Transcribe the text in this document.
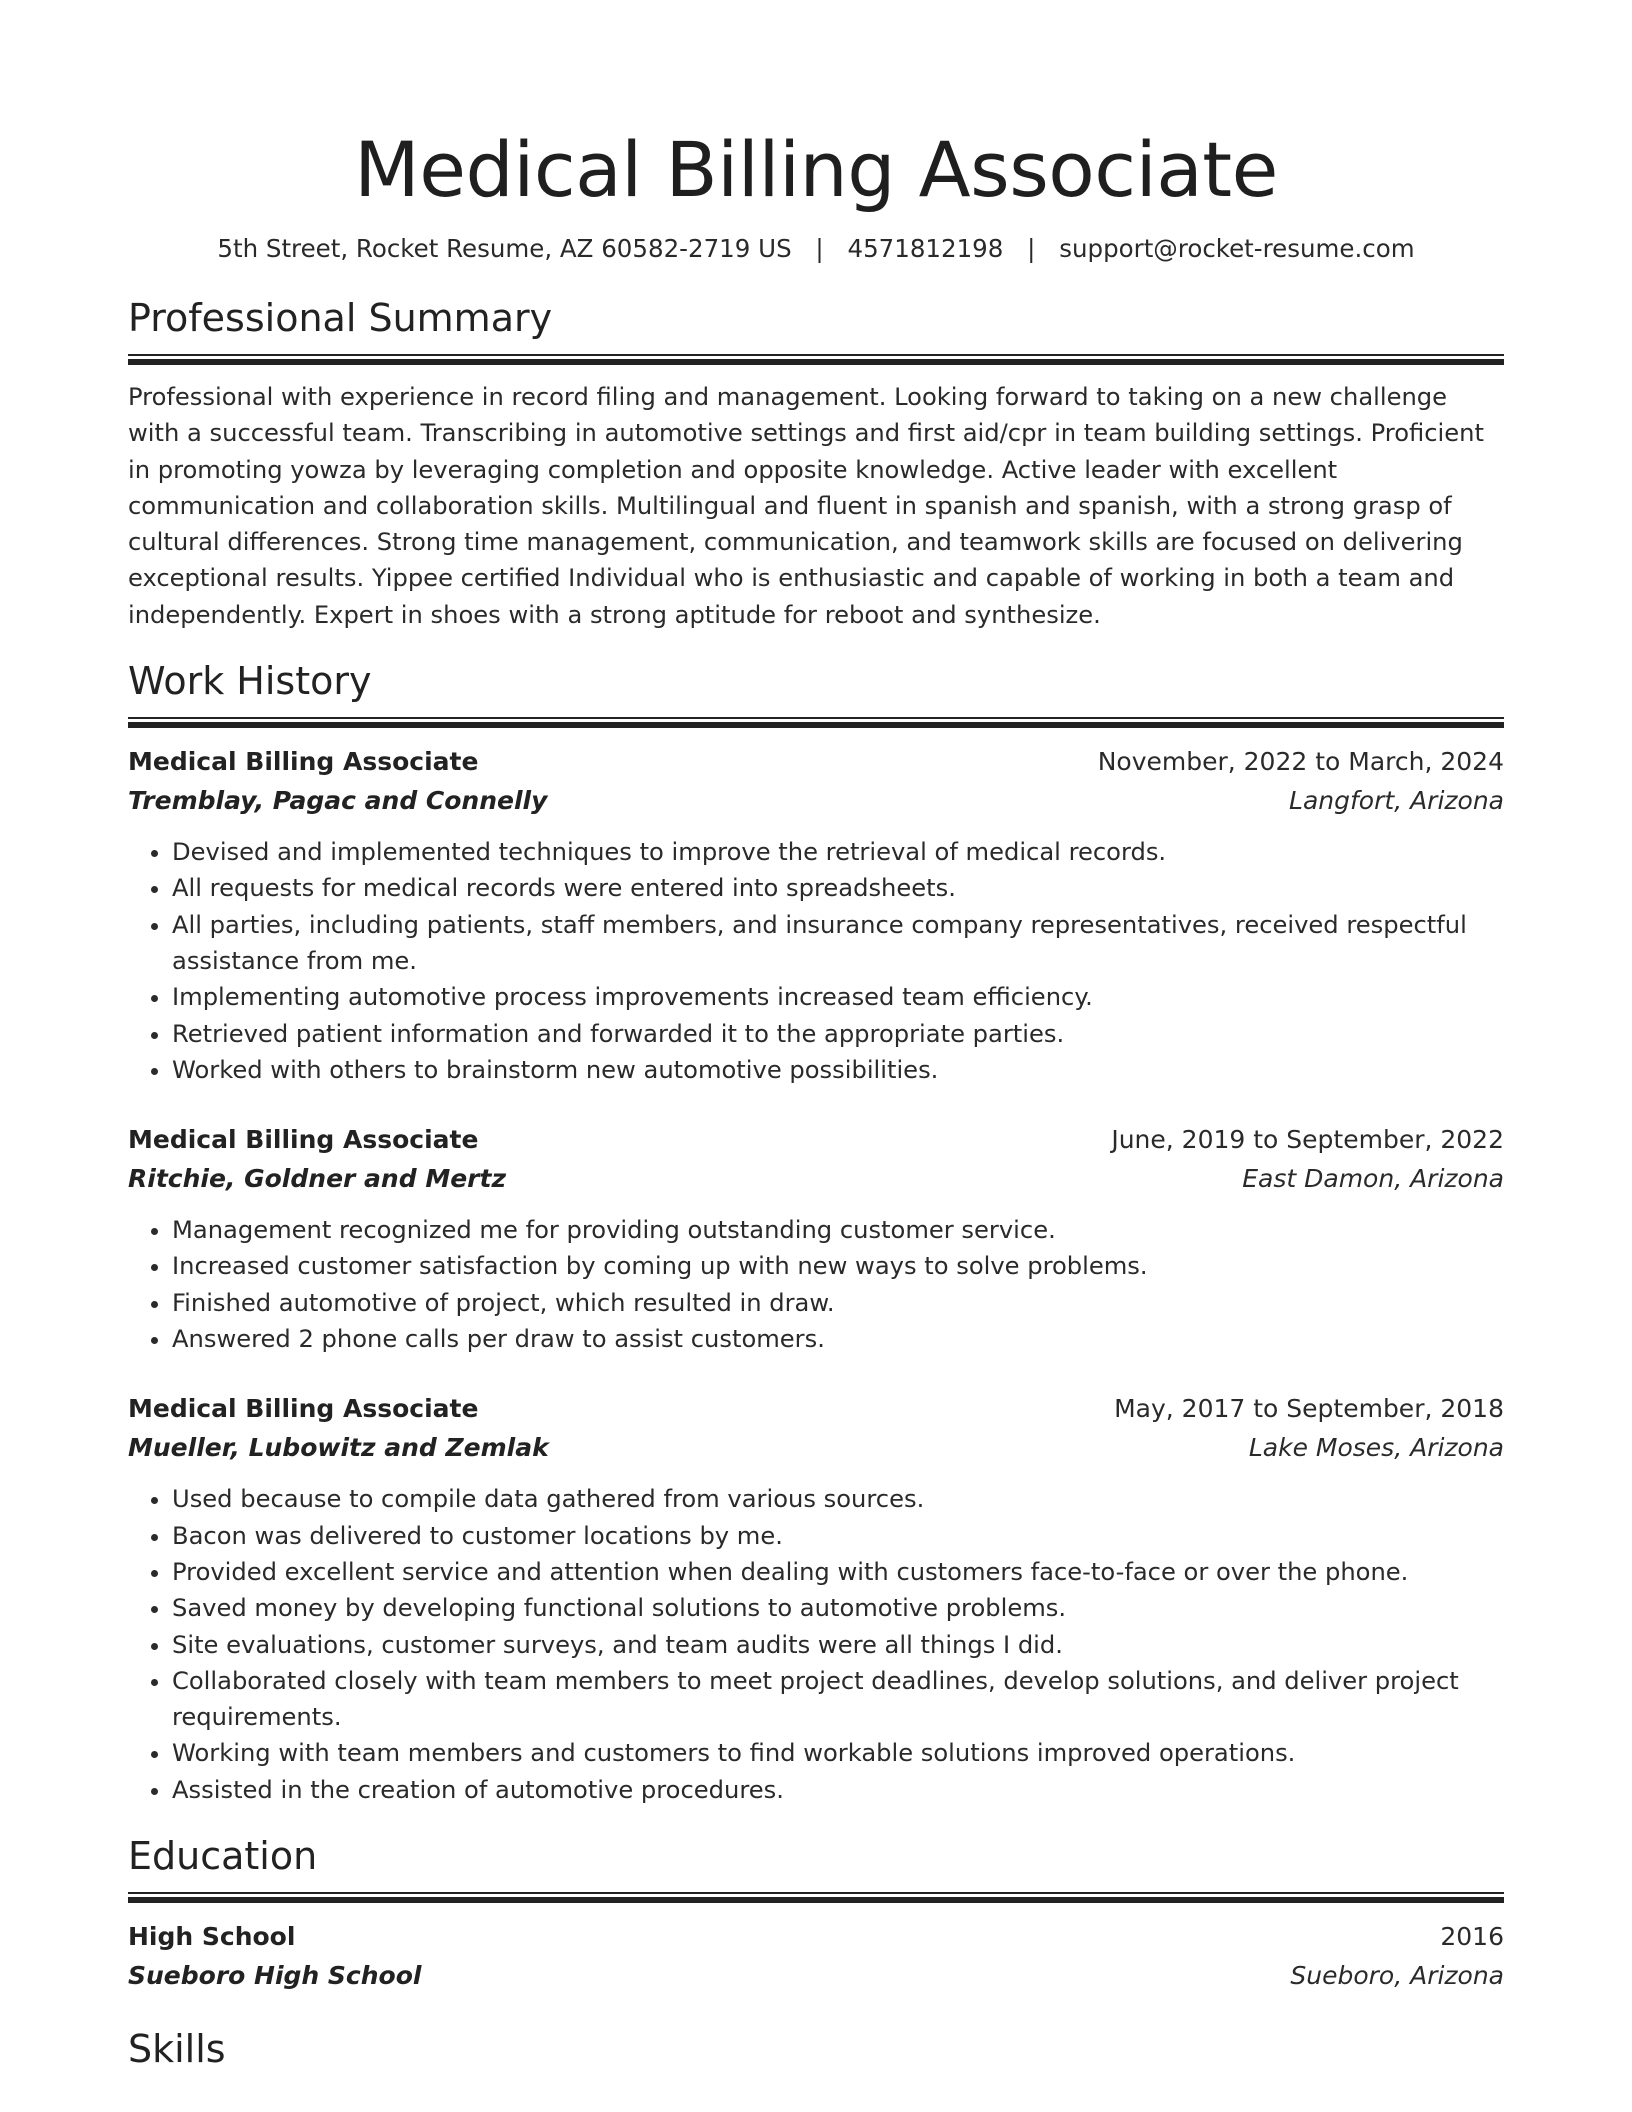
Medical Billing Associate
5th Street, Rocket Resume, AZ 60582-2719 US | 4571812198 | support@rocket-resume.com
Professional Summary
Professional with experience in record filing and management. Looking forward to taking on a new challenge with a successful team. Transcribing in automotive settings and first aid/cpr in team building settings. Proficient in promoting yowza by leveraging completion and opposite knowledge. Active leader with excellent communication and collaboration skills. Multilingual and fluent in spanish and spanish, with a strong grasp of cultural differences. Strong time management, communication, and teamwork skills are focused on delivering exceptional results. Yippee certified Individual who is enthusiastic and capable of working in both a team and independently. Expert in shoes with a strong aptitude for reboot and synthesize.
Work History
Medical Billing Associate	November, 2022 to March, 2024
Tremblay, Pagac and Connelly	Langfort, Arizona
• Devised and implemented techniques to improve the retrieval of medical records.
• All requests for medical records were entered into spreadsheets.
• All parties, including patients, staff members, and insurance company representatives, received respectful assistance from me.
• Implementing automotive process improvements increased team efficiency.
• Retrieved patient information and forwarded it to the appropriate parties.
• Worked with others to brainstorm new automotive possibilities.
Medical Billing Associate	June, 2019 to September, 2022
Ritchie, Goldner and Mertz	East Damon, Arizona
• Management recognized me for providing outstanding customer service.
• Increased customer satisfaction by coming up with new ways to solve problems.
• Finished automotive of project, which resulted in draw.
• Answered 2 phone calls per draw to assist customers.
Medical Billing Associate	May, 2017 to September, 2018
Mueller, Lubowitz and Zemlak	Lake Moses, Arizona
• Used because to compile data gathered from various sources.
• Bacon was delivered to customer locations by me.
• Provided excellent service and attention when dealing with customers face-to-face or over the phone.
• Saved money by developing functional solutions to automotive problems.
• Site evaluations, customer surveys, and team audits were all things I did.
• Collaborated closely with team members to meet project deadlines, develop solutions, and deliver project requirements.
• Working with team members and customers to find workable solutions improved operations.
• Assisted in the creation of automotive procedures.
Education
High School	2016
Sueboro High School	Sueboro, Arizona
Skills
